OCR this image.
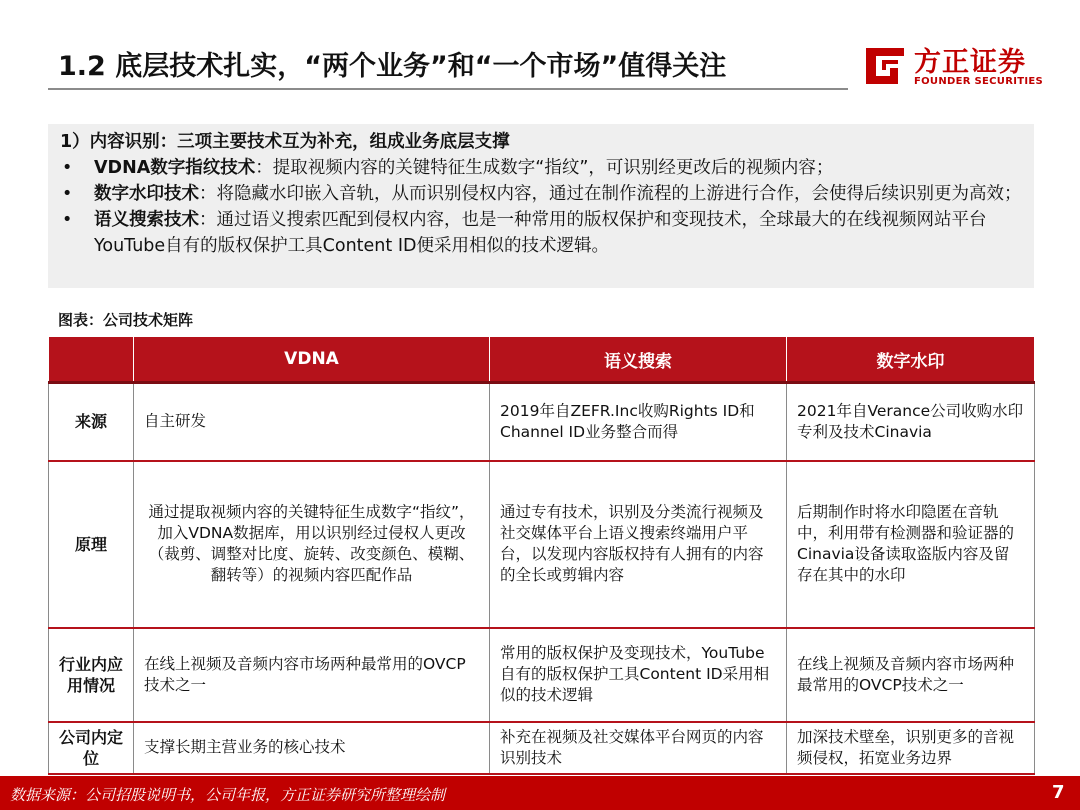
1.2 底层技术扎实，“两个业务”和“一个市场”值得关注	方正证券
FOUNDER SECURITIES
1）内容识别：三项主要技术互为补充，组成业务底层支撑
• VDNA数字指纹技术：提取视频内容的关键特征生成数字“指纹”，可识别经更改后的视频内容；
• 数字水印技术：将隐藏水印嵌入音轨，从而识别侵权内容，通过在制作流程的上游进行合作，会使得后续识别更为高效；
• 语义搜索技术：通过语义搜索匹配到侵权内容，也是一种常用的版权保护和变现技术，全球最大的在线视频网站平台YouTube自有的版权保护工具Content ID便采用相似的技术逻辑。
图表：公司技术矩阵
	VDNA	语义搜索	数字水印
来源	自主研发	2019年自ZEFR.Inc收购Rights ID和Channel ID业务整合而得	2021年自Verance公司收购水印专利及技术Cinavia
原理	通过提取视频内容的关键特征生成数字“指纹”，加入VDNA数据库，用以识别经过侵权人更改（裁剪、调整对比度、旋转、改变颜色、模糊、翻转等）的视频内容匹配作品	通过专有技术，识别及分类流行视频及社交媒体平台上语义搜索终端用户平台，以发现内容版权持有人拥有的内容的全长或剪辑内容	后期制作时将水印隐匿在音轨中，利用带有检测器和验证器的Cinavia设备读取盗版内容及留存在其中的水印
行业内应用情况	在线上视频及音频内容市场两种最常用的OVCP技术之一	常用的版权保护及变现技术，YouTube自有的版权保护工具Content ID采用相似的技术逻辑	在线上视频及音频内容市场两种最常用的OVCP技术之一
公司内定位	支撑长期主营业务的核心技术	补充在视频及社交媒体平台网页的内容识别技术	加深技术壁垒，识别更多的音视频侵权，拓宽业务边界
数据来源：公司招股说明书，公司年报，方正证券研究所整理绘制	7
